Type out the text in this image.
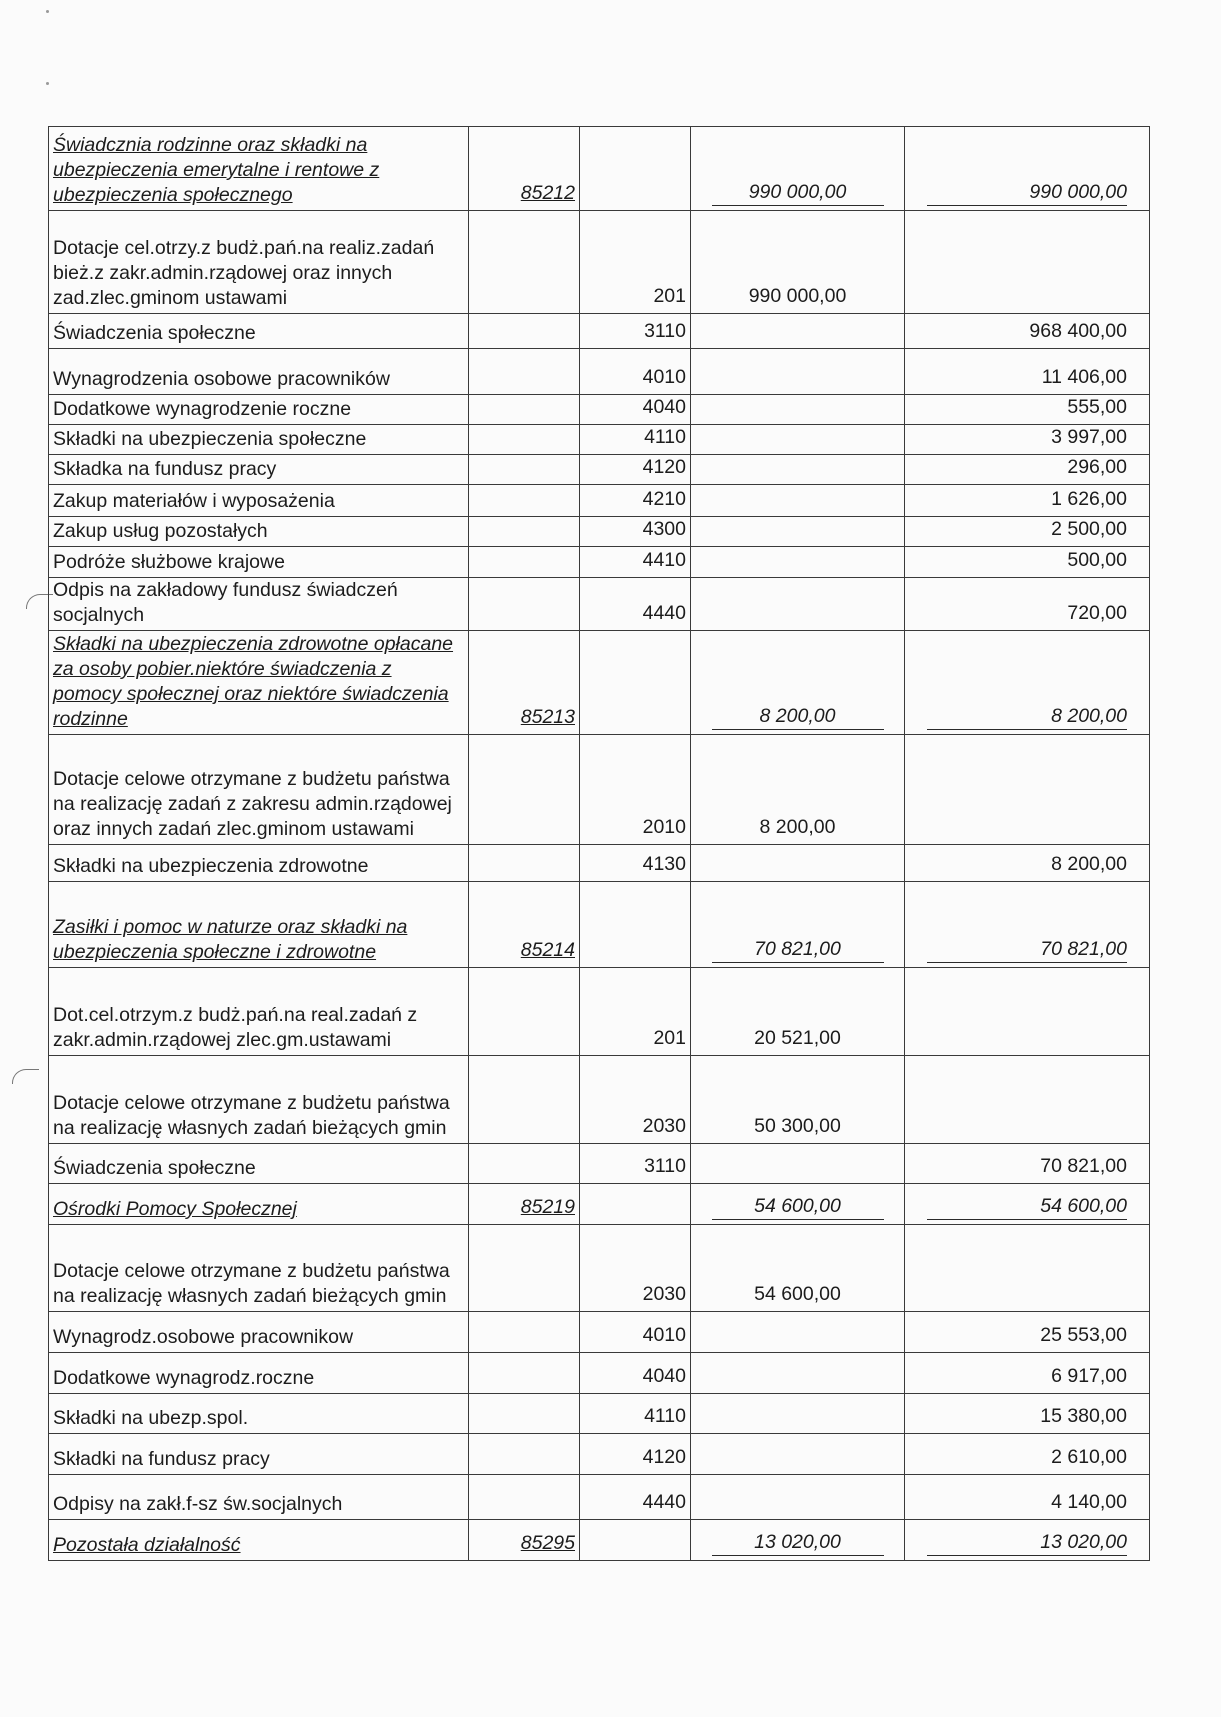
Świadcznia rodzinne oraz składki na ubezpieczenia emerytalne i rentowe z ubezpieczenia społecznego	85212		990 000,00	990 000,00
Dotacje cel.otrzy.z budż.pań.na realiz.zadań bież.z zakr.admin.rządowej oraz innych zad.zlec.gminom ustawami		201	990 000,00	
Świadczenia społeczne		3110		968 400,00
Wynagrodzenia osobowe pracowników		4010		11 406,00
Dodatkowe wynagrodzenie roczne		4040		555,00
Składki na ubezpieczenia społeczne		4110		3 997,00
Składka na fundusz pracy		4120		296,00
Zakup materiałów i wyposażenia		4210		1 626,00
Zakup usług pozostałych		4300		2 500,00
Podróże służbowe krajowe		4410		500,00
Odpis na zakładowy fundusz świadczeń socjalnych		4440		720,00
Składki na ubezpieczenia zdrowotne opłacane za osoby pobier.niektóre świadczenia z pomocy społecznej oraz niektóre świadczenia rodzinne	85213		8 200,00	8 200,00
Dotacje celowe otrzymane z budżetu państwa na realizację zadań z zakresu admin.rządowej oraz innych zadań zlec.gminom ustawami		2010	8 200,00	
Składki na ubezpieczenia zdrowotne		4130		8 200,00
Zasiłki i pomoc w naturze oraz składki na ubezpieczenia społeczne i zdrowotne	85214		70 821,00	70 821,00
Dot.cel.otrzym.z budż.pań.na real.zadań z zakr.admin.rządowej zlec.gm.ustawami		201	20 521,00	
Dotacje celowe otrzymane z budżetu państwa na realizację własnych zadań bieżących gmin		2030	50 300,00	
Świadczenia społeczne		3110		70 821,00
Ośrodki Pomocy Społecznej	85219		54 600,00	54 600,00
Dotacje celowe otrzymane z budżetu państwa na realizację własnych zadań bieżących gmin		2030	54 600,00	
Wynagrodz.osobowe pracownikow		4010		25 553,00
Dodatkowe wynagrodz.roczne		4040		6 917,00
Składki na ubezp.spol.		4110		15 380,00
Składki na fundusz pracy		4120		2 610,00
Odpisy na zakł.f-sz św.socjalnych		4440		4 140,00
Pozostała działalność	85295		13 020,00	13 020,00
